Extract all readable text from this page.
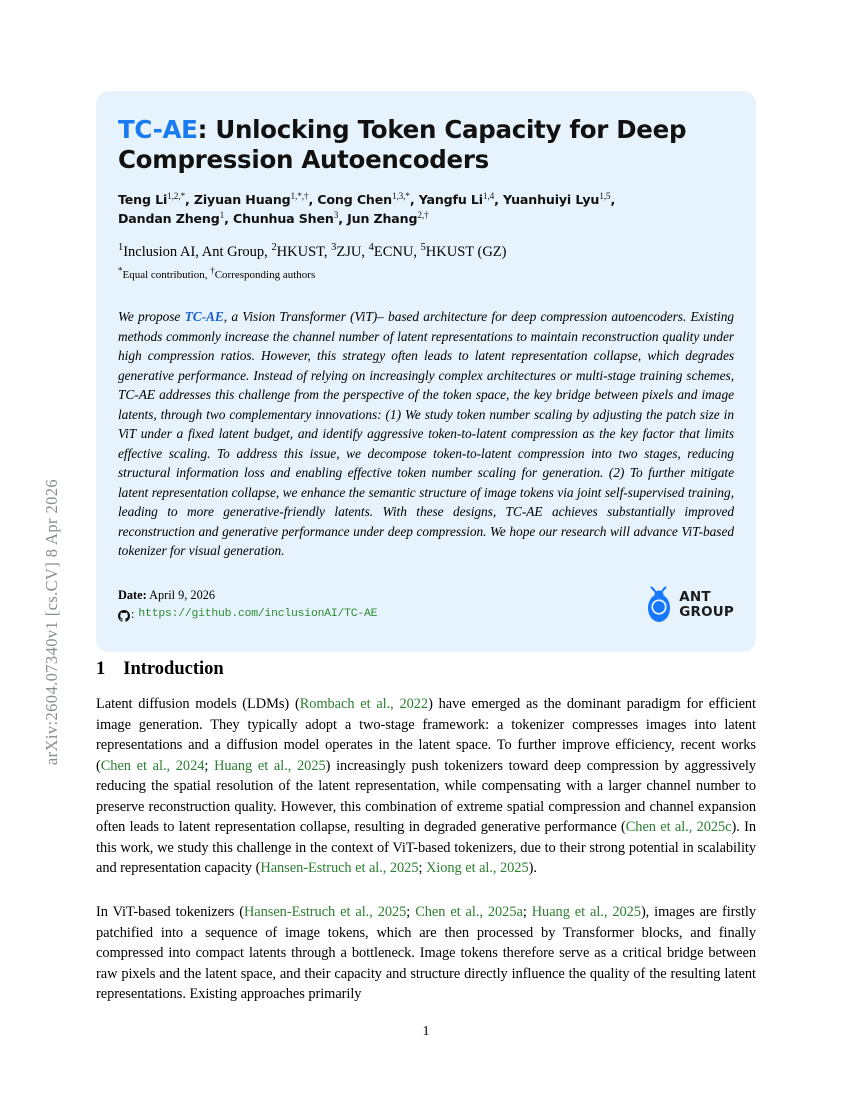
arXiv:2604.07340v1 [cs.CV] 8 Apr 2026
TC-AE: Unlocking Token Capacity for Deep Compression Autoencoders
Teng $Li^{1,2,*}$, Ziyuan Huang$^{1,*,\dagger}$, Cong Chen$^{1,3,*}$, Yangfu Li$^{1,4}$, Yuanhuiyi Lyu$^{1,5}$,
Dandan Zheng$^1$, Chunhua Shen$^3$, Jun Zhang$^{2,\dagger}$
$^1$Inclusion AI, Ant Group, $^2$HKUST, $^3$ZJU, $^4$ECNU, $^5$HKUST (GZ)
*Equal contribution, †Corresponding authors
We propose TC-AE, a Vision Transformer (ViT)– based architecture for deep compression autoencoders. Existing methods commonly increase the channel number of latent representations to maintain reconstruction quality under high compression ratios. However, this strategy often leads to latent representation collapse, which degrades generative performance. Instead of relying on increasingly complex architectures or multi-stage training schemes, TC-AE addresses this challenge from the perspective of the token space, the key bridge between pixels and image latents, through two complementary innovations: (1) We study token number scaling by adjusting the patch size in ViT under a fixed latent budget, and identify aggressive token-to-latent compression as the key factor that limits effective scaling. To address this issue, we decompose token-to-latent compression into two stages, reducing structural information loss and enabling effective token number scaling for generation. (2) To further mitigate latent representation collapse, we enhance the semantic structure of image tokens via joint self-supervised training, leading to more generative-friendly latents. With these designs, TC-AE achieves substantially improved reconstruction and generative performance under deep compression. We hope our research will advance ViT-based tokenizer for visual generation.
Date: April 9, 2026
: https://github.com/inclusionAI/TC-AE
ANT
GROUP
1 Introduction
Latent diffusion models (LDMs) (Rombach et al., 2022) have emerged as the dominant paradigm for efficient image generation. They typically adopt a two-stage framework: a tokenizer compresses images into latent representations and a diffusion model operates in the latent space. To further improve efficiency, recent works (Chen et al., 2024; Huang et al., 2025) increasingly push tokenizers toward deep compression by aggressively reducing the spatial resolution of the latent representation, while compensating with a larger channel number to preserve reconstruction quality. However, this combination of extreme spatial compression and channel expansion often leads to latent representation collapse, resulting in degraded generative performance (Chen et al., 2025c). In this work, we study this challenge in the context of ViT-based tokenizers, due to their strong potential in scalability and representation capacity (Hansen-Estruch et al., 2025; Xiong et al., 2025).
In ViT-based tokenizers (Hansen-Estruch et al., 2025; Chen et al., 2025a; Huang et al., 2025), images are firstly patchified into a sequence of image tokens, which are then processed by Transformer blocks, and finally compressed into compact latents through a bottleneck. Image tokens therefore serve as a critical bridge between raw pixels and the latent space, and their capacity and structure directly influence the quality of the resulting latent representations. Existing approaches primarily
1
